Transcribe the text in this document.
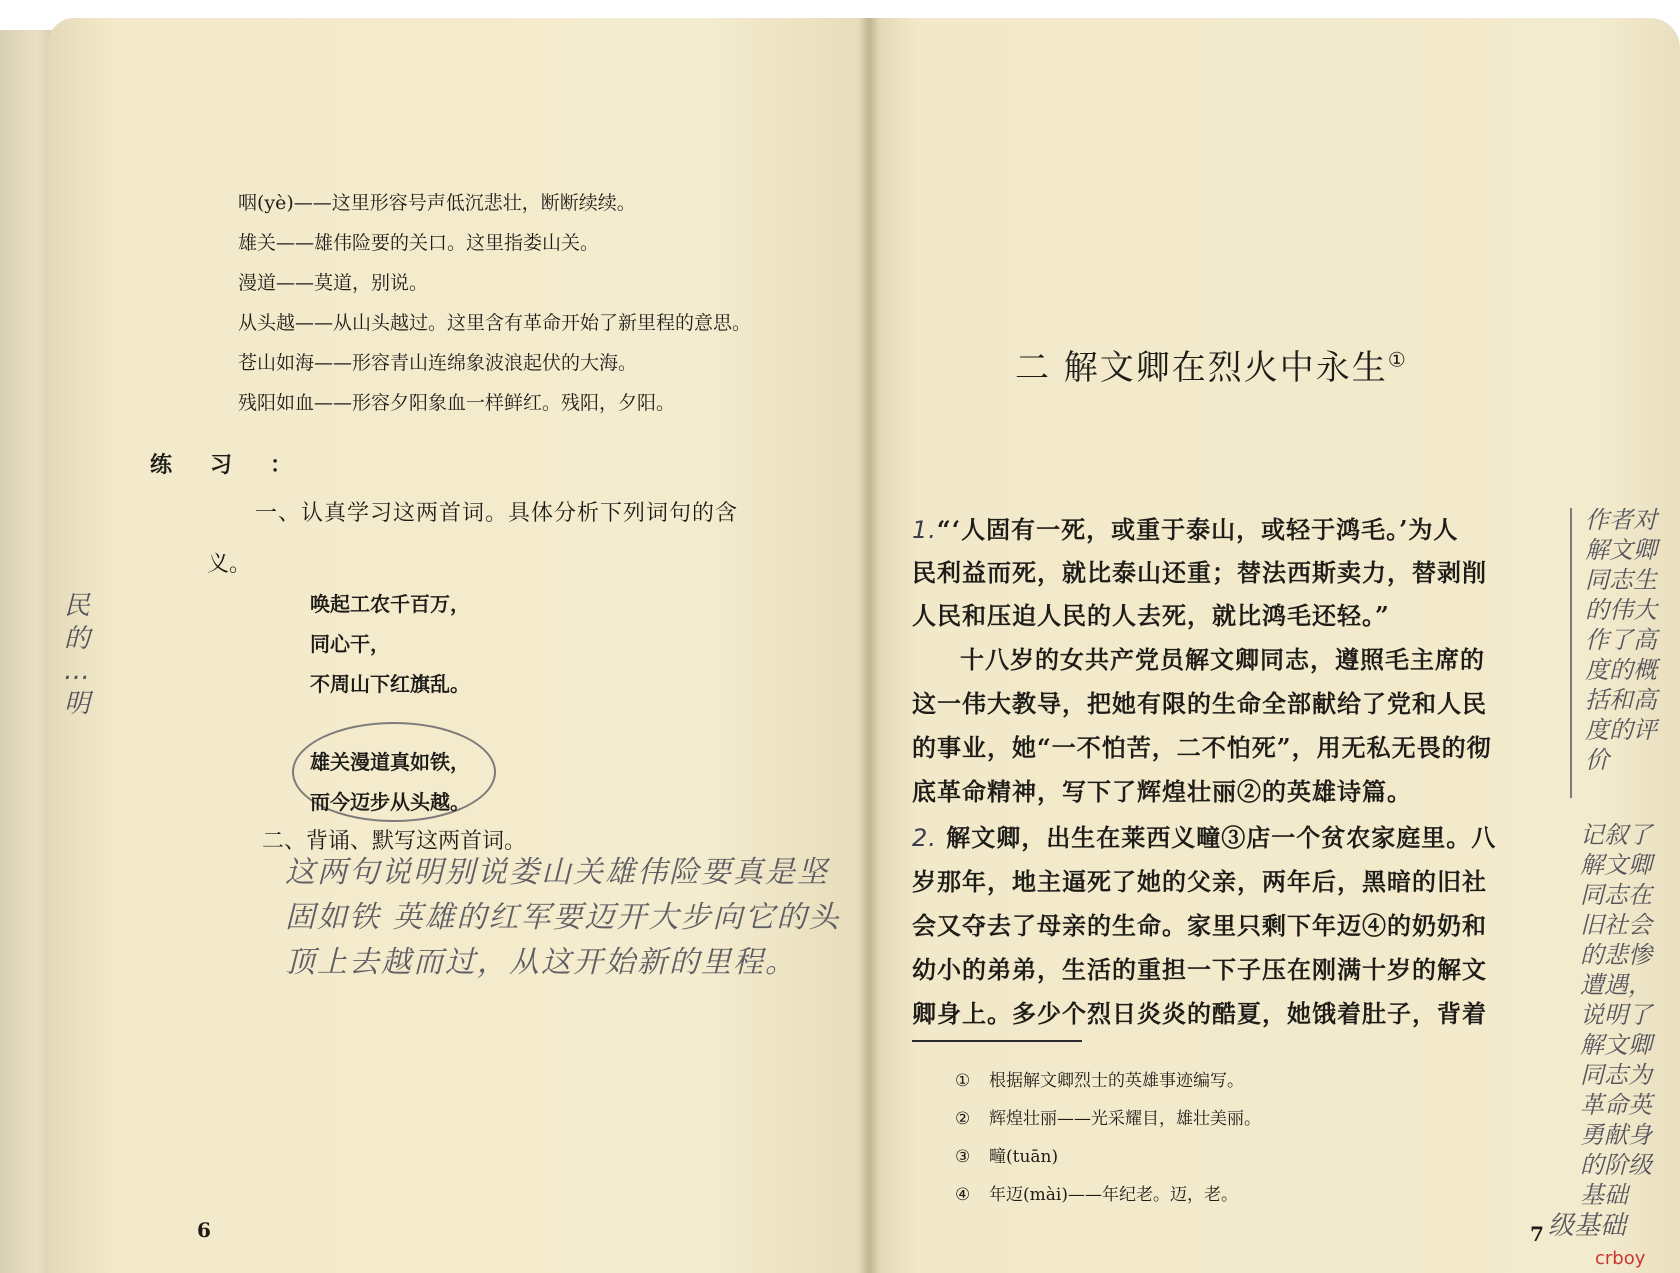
民的…明
咽(yè)——这里形容号声低沉悲壮，断断续续。
雄关——雄伟险要的关口。这里指娄山关。
漫道——莫道，别说。
从头越——从山头越过。这里含有革命开始了新里程的意思。
苍山如海——形容青山连绵象波浪起伏的大海。
残阳如血——形容夕阳象血一样鲜红。残阳，夕阳。
练习：
一、认真学习这两首词。具体分析下列词句的含
义。
唤起工农千百万，
同心干，
不周山下红旗乱。
雄关漫道真如铁，
而今迈步从头越。
二、背诵、默写这两首词。
这两句说明别说娄山关雄伟险要真是坚固如铁 英雄的红军要迈开大步向它的头顶上去越而过，从这开始新的里程。
6
二 解文卿在烈火中永生①
1.“‘人固有一死，或重于泰山，或轻于鸿毛。’为人
民利益而死，就比泰山还重；替法西斯卖力，替剥削
人民和压迫人民的人去死，就比鸿毛还轻。”
十八岁的女共产党员解文卿同志，遵照毛主席的
这一伟大教导，把她有限的生命全部献给了党和人民
的事业，她“一不怕苦，二不怕死”，用无私无畏的彻
底革命精神，写下了辉煌壮丽②的英雄诗篇。
2. 解文卿，出生在莱西义疃③店一个贫农家庭里。八
岁那年，地主逼死了她的父亲，两年后，黑暗的旧社
会又夺去了母亲的生命。家里只剩下年迈④的奶奶和
幼小的弟弟，生活的重担一下子压在刚满十岁的解文
卿身上。多少个烈日炎炎的酷夏，她饿着肚子，背着
① 根据解文卿烈士的英雄事迹编写。
② 辉煌壮丽——光采耀目，雄壮美丽。
③ 疃(tuān)
④ 年迈(mài)——年纪老。迈，老。
作者对解文卿同志生的伟大作了高度的概括和高度的评价
记叙了解文卿同志在旧社会的悲惨遭遇，说明了解文卿同志为革命英勇献身的阶级基础
7 级基础
crboy
